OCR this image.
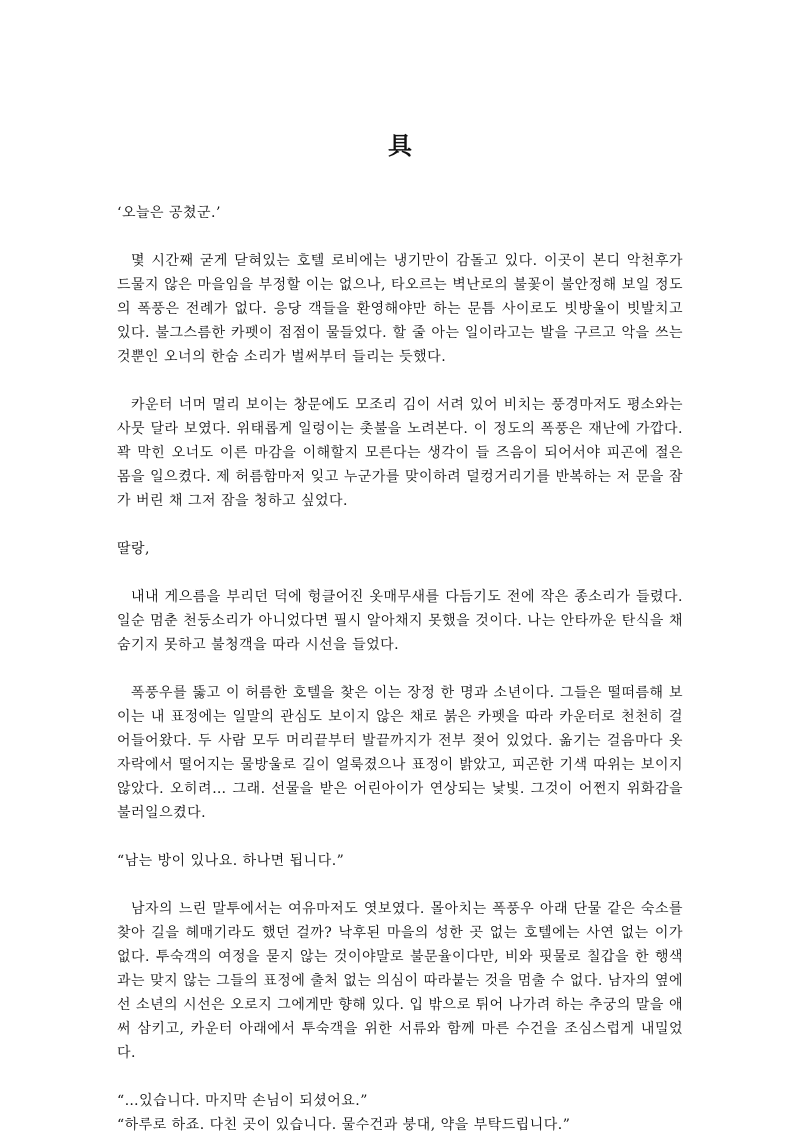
具

‘오늘은 공쳤군.’

몇 시간째 굳게 닫혀있는 호텔 로비에는 냉기만이 감돌고 있다. 이곳이 본디 악천후가 드물지 않은 마을임을 부정할 이는 없으나, 타오르는 벽난로의 불꽃이 불안정해 보일 정도의 폭풍은 전례가 없다. 응당 객들을 환영해야만 하는 문틈 사이로도 빗방울이 빗발치고 있다. 불그스름한 카펫이 점점이 물들었다. 할 줄 아는 일이라고는 발을 구르고 악을 쓰는 것뿐인 오너의 한숨 소리가 벌써부터 들리는 듯했다.

카운터 너머 멀리 보이는 창문에도 모조리 김이 서려 있어 비치는 풍경마저도 평소와는 사뭇 달라 보였다. 위태롭게 일렁이는 촛불을 노려본다. 이 정도의 폭풍은 재난에 가깝다. 꽉 막힌 오너도 이른 마감을 이해할지 모른다는 생각이 들 즈음이 되어서야 피곤에 절은 몸을 일으켰다. 제 허름함마저 잊고 누군가를 맞이하려 덜컹거리기를 반복하는 저 문을 잠가 버린 채 그저 잠을 청하고 싶었다.

딸랑,

내내 게으름을 부리던 덕에 헝클어진 옷매무새를 다듬기도 전에 작은 종소리가 들렸다. 일순 멈춘 천둥소리가 아니었다면 필시 알아채지 못했을 것이다. 나는 안타까운 탄식을 채 숨기지 못하고 불청객을 따라 시선을 들었다.

폭풍우를 뚫고 이 허름한 호텔을 찾은 이는 장정 한 명과 소년이다. 그들은 떨떠름해 보이는 내 표정에는 일말의 관심도 보이지 않은 채로 붉은 카펫을 따라 카운터로 천천히 걸어들어왔다. 두 사람 모두 머리끝부터 발끝까지가 전부 젖어 있었다. 옮기는 걸음마다 옷자락에서 떨어지는 물방울로 길이 얼룩졌으나 표정이 밝았고, 피곤한 기색 따위는 보이지 않았다. 오히려… 그래. 선물을 받은 어린아이가 연상되는 낯빛. 그것이 어쩐지 위화감을 불러일으켰다.

“남는 방이 있나요. 하나면 됩니다.”

남자의 느린 말투에서는 여유마저도 엿보였다. 몰아치는 폭풍우 아래 단물 같은 숙소를 찾아 길을 헤매기라도 했던 걸까? 낙후된 마을의 성한 곳 없는 호텔에는 사연 없는 이가 없다. 투숙객의 여정을 묻지 않는 것이야말로 불문율이다만, 비와 핏물로 칠갑을 한 행색과는 맞지 않는 그들의 표정에 출처 없는 의심이 따라붙는 것을 멈출 수 없다. 남자의 옆에 선 소년의 시선은 오로지 그에게만 향해 있다. 입 밖으로 튀어 나가려 하는 추궁의 말을 애써 삼키고, 카운터 아래에서 투숙객을 위한 서류와 함께 마른 수건을 조심스럽게 내밀었다.

“…있습니다. 마지막 손님이 되셨어요.”

“하루로 하죠. 다친 곳이 있습니다. 물수건과 붕대, 약을 부탁드립니다.”
